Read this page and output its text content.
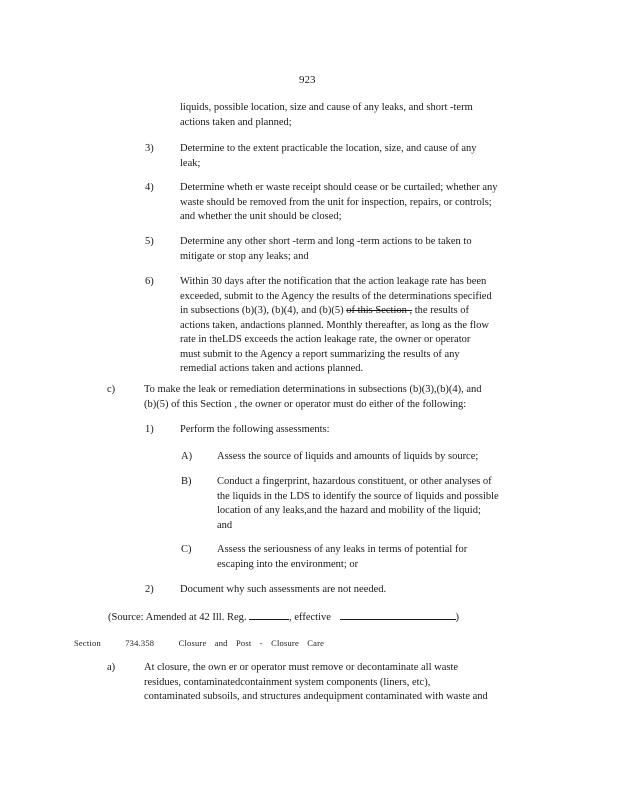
923
liquids, possible location, size and cause of any leaks, and short -term
actions taken and planned;
3)	Determine to the extent practicable the location, size, and cause of any
leak;
4)	Determine wheth er waste receipt should cease or be curtailed; whether any
waste should be removed from the unit for inspection, repairs, or controls;
and whether the unit should be closed;
5)	Determine any other short -term and long -term actions to be taken to
mitigate or stop any leaks; and
6)	Within 30 days after the notification that the action leakage rate has been
exceeded, submit to the Agency the results of the determinations specified
in subsections (b)(3), (b)(4), and (b)(5) of this Section , the results of
actions taken, andactions planned. Monthly thereafter, as long as the flow
rate in theLDS exceeds the action leakage rate, the owner or operator
must submit to the Agency a report summarizing the results of any
remedial actions taken and actions planned.
c)	To make the leak or remediation determinations in subsections (b)(3),(b)(4), and
(b)(5) of this Section , the owner or operator must do either of the following:
1)	Perform the following assessments:
A) Assess the source of liquids and amounts of liquids by source;
B) Conduct a fingerprint, hazardous constituent, or other analyses of
the liquids in the LDS to identify the source of liquids and possible
location of any leaks,and the hazard and mobility of the liquid;
and
C) Assess the seriousness of any leaks in terms of potential for
escaping into the environment; or
2)	Document why such assessments are not needed.
(Source: Amended at 42 Ill. Reg.	, effective	)
Section	734.358	Closure and Post - Closure Care
a)	At closure, the own er or operator must remove or decontaminate all waste
residues, contaminatedcontainment system components (liners, etc),
contaminated subsoils, and structures andequipment contaminated with waste and
